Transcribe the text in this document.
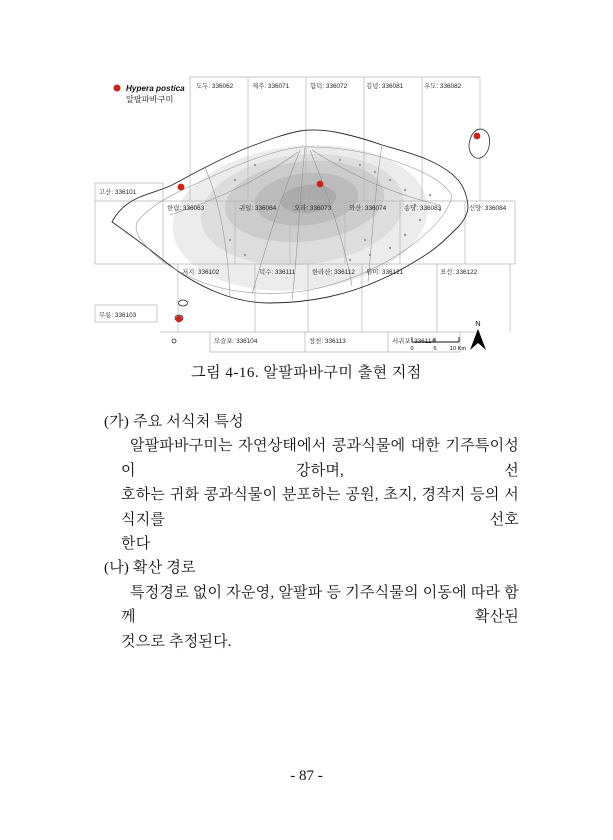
도두: 336062	제주: 336071	함덕: 336072	김녕: 336081	우도: 336082
고산: 336101
한림: 336063	귀일: 336064	오라: 336073	와산: 336074	송당: 336083	신양: 336084
저지: 336102	덕수: 336111	한라산: 336112 위미: 336121	표선: 336122
무릉: 336103
모슬포: 336104	창천: 336113	서귀포: 336114
Hypera postica
알팔파바구미
0	5 10 Km
N
그림 4-16. 알팔파바구미 출현 지점
(가) 주요 서식처 특성
알팔파바구미는 자연상태에서 콩과식물에 대한 기주특이성이 강하며, 선
호하는 귀화 콩과식물이 분포하는 공원, 초지, 경작지 등의 서식지를 선호
한다
(나) 확산 경로
특정경로 없이 자운영, 알팔파 등 기주식물의 이동에 따라 함께 확산된
것으로 추정된다.
- 87 -
